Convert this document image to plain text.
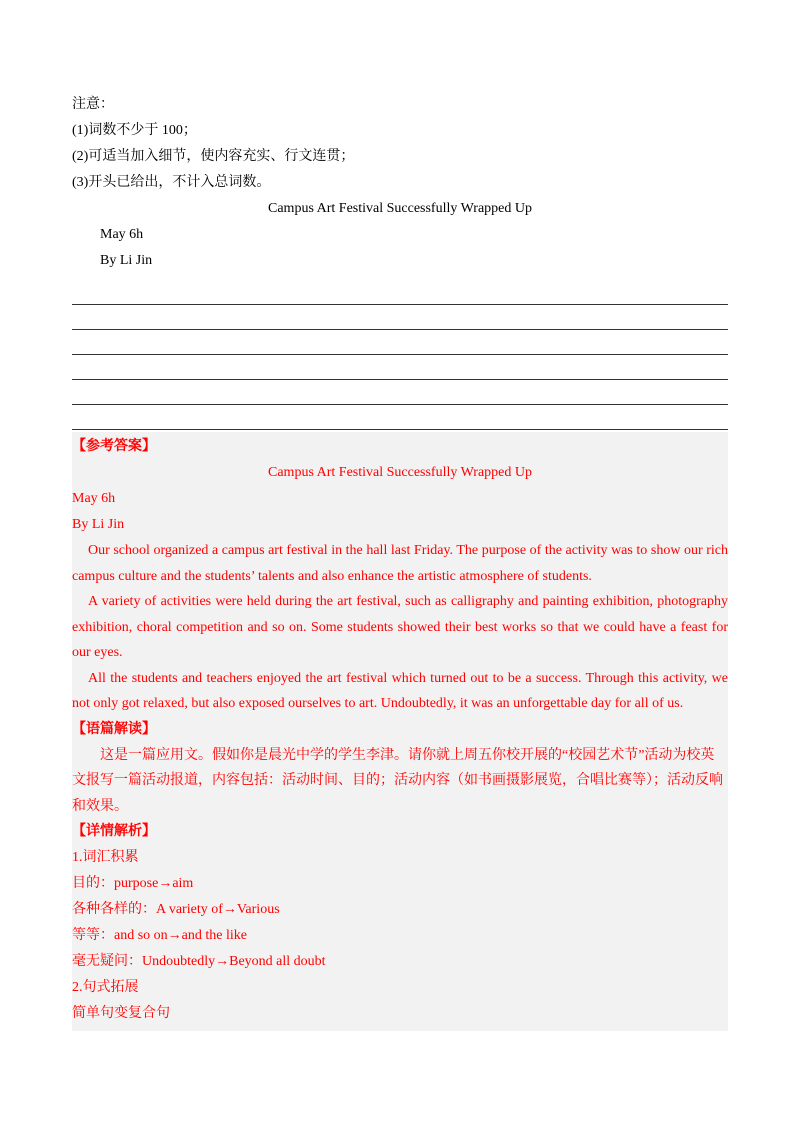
注意：
(1)词数不少于 100；
(2)可适当加入细节，使内容充实、行文连贯；
(3)开头已给出，不计入总词数。
Campus Art Festival Successfully Wrapped Up
May 6h
By Li Jin
【参考答案】
Campus Art Festival Successfully Wrapped Up
May 6h
By Li Jin
Our school organized a campus art festival in the hall last Friday. The purpose of the activity was to show our rich campus culture and the students’ talents and also enhance the artistic atmosphere of students.
A variety of activities were held during the art festival, such as calligraphy and painting exhibition, photography exhibition, choral competition and so on. Some students showed their best works so that we could have a feast for our eyes.
All the students and teachers enjoyed the art festival which turned out to be a success. Through this activity, we not only got relaxed, but also exposed ourselves to art. Undoubtedly, it was an unforgettable day for all of us.
【语篇解读】
这是一篇应用文。假如你是晨光中学的学生李津。请你就上周五你校开展的“校园艺术节”活动为校英文报写一篇活动报道，内容包括：活动时间、目的；活动内容（如书画摄影展览，合唱比赛等）；活动反响和效果。
【详情解析】
1.词汇积累
目的：purpose→aim
各种各样的：A variety of→Various
等等：and so on→and the like
毫无疑问：Undoubtedly→Beyond all doubt
2.句式拓展
简单句变复合句
